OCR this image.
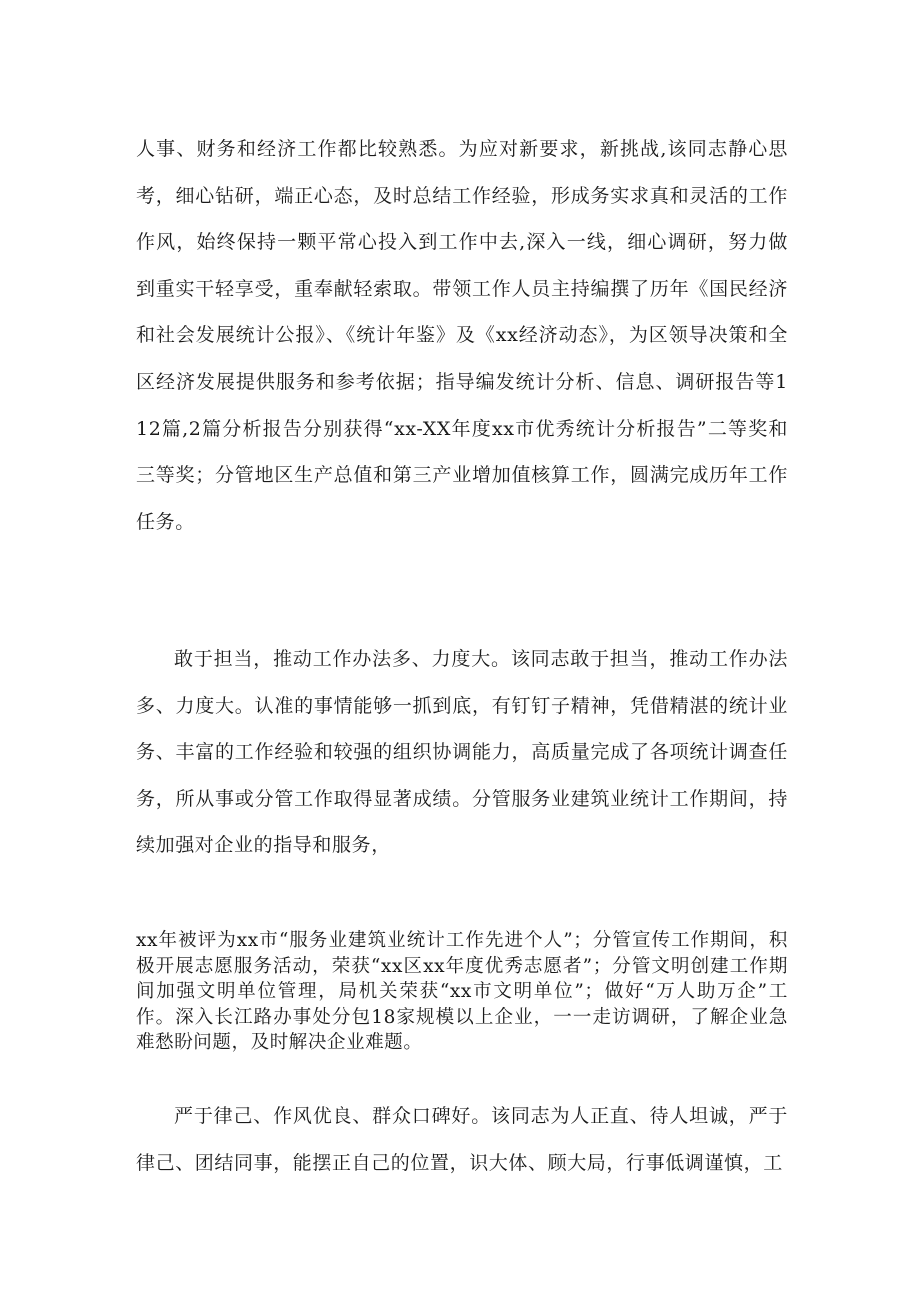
人事、财务和经济工作都比较熟悉。为应对新要求，新挑战,该同志静心思考，细心钻研，端正心态，及时总结工作经验，形成务实求真和灵活的工作作风，始终保持一颗平常心投入到工作中去,深入一线，细心调研，努力做到重实干轻享受，重奉献轻索取。带领工作人员主持编撰了历年《国民经济和社会发展统计公报》、《统计年鉴》及《xx经济动态》，为区领导决策和全区经济发展提供服务和参考依据；指导编发统计分析、信息、调研报告等112篇,2篇分析报告分别获得“xx-XX年度xx市优秀统计分析报告”二等奖和三等奖；分管地区生产总值和第三产业增加值核算工作，圆满完成历年工作任务。

敢于担当，推动工作办法多、力度大。该同志敢于担当，推动工作办法多、力度大。认准的事情能够一抓到底，有钉钉子精神，凭借精湛的统计业务、丰富的工作经验和较强的组织协调能力，高质量完成了各项统计调查任务，所从事或分管工作取得显著成绩。分管服务业建筑业统计工作期间，持续加强对企业的指导和服务，

xx年被评为xx市“服务业建筑业统计工作先进个人”；分管宣传工作期间，积极开展志愿服务活动，荣获“xx区xx年度优秀志愿者”；分管文明创建工作期间加强文明单位管理，局机关荣获“xx市文明单位”；做好“万人助万企”工作。深入长江路办事处分包18家规模以上企业，一一走访调研，了解企业急难愁盼问题，及时解决企业难题。

严于律己、作风优良、群众口碑好。该同志为人正直、待人坦诚，严于律己、团结同事，能摆正自己的位置，识大体、顾大局，行事低调谨慎，工
